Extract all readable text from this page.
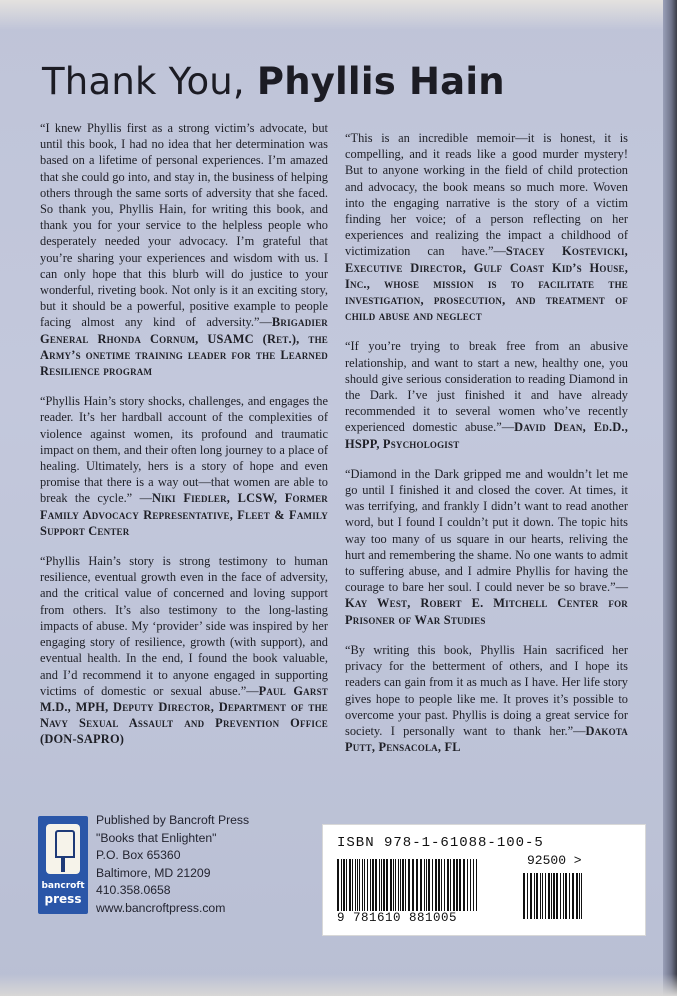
Thank You, Phyllis Hain

“I knew Phyllis first as a strong victim’s advocate, but until this book, I had no idea that her determination was based on a lifetime of personal experiences. I’m amazed that she could go into, and stay in, the business of helping others through the same sorts of adversity that she faced. So thank you, Phyllis Hain, for writing this book, and thank you for your service to the helpless people who desperately needed your advocacy. I’m grateful that you’re sharing your experiences and wisdom with us. I can only hope that this blurb will do justice to your wonderful, riveting book. Not only is it an exciting story, but it should be a powerful, positive example to people facing almost any kind of adversity.”—Brigadier General Rhonda Cornum, USAMC (Ret.), the Army’s onetime training leader for the Learned Resilience program

“Phyllis Hain’s story shocks, challenges, and engages the reader. It’s her hardball account of the complexities of violence against women, its profound and traumatic impact on them, and their often long journey to a place of healing. Ultimately, hers is a story of hope and even promise that there is a way out—that women are able to break the cycle.” —Niki Fiedler, LCSW, Former Family Advocacy Representative, Fleet & Family Support Center

“Phyllis Hain’s story is strong testimony to human resilience, eventual growth even in the face of adversity, and the critical value of concerned and loving support from others. It’s also testimony to the long-lasting impacts of abuse. My ‘provider’ side was inspired by her engaging story of resilience, growth (with support), and eventual health. In the end, I found the book valuable, and I’d recommend it to anyone engaged in supporting victims of domestic or sexual abuse.”—Paul Garst M.D., MPH, Deputy Director, Department of the Navy Sexual Assault and Prevention Office (DON-SAPRO)

“This is an incredible memoir—it is honest, it is compelling, and it reads like a good murder mystery! But to anyone working in the field of child protection and advocacy, the book means so much more. Woven into the engaging narrative is the story of a victim finding her voice; of a person reflecting on her experiences and realizing the impact a childhood of victimization can have.”—Stacey Kostevicki, Executive Director, Gulf Coast Kid’s House, Inc., whose mission is to facilitate the investigation, prosecution, and treatment of child abuse and neglect

“If you’re trying to break free from an abusive relationship, and want to start a new, healthy one, you should give serious consideration to reading Diamond in the Dark. I’ve just finished it and have already recommended it to several women who’ve recently experienced domestic abuse.”—David Dean, Ed.D., HSPP, Psychologist

“Diamond in the Dark gripped me and wouldn’t let me go until I finished it and closed the cover. At times, it was terrifying, and frankly I didn’t want to read another word, but I found I couldn’t put it down. The topic hits way too many of us square in our hearts, reliving the hurt and remembering the shame. No one wants to admit to suffering abuse, and I admire Phyllis for having the courage to bare her soul. I could never be so brave.”—Kay West, Robert E. Mitchell Center for Prisoner of War Studies

“By writing this book, Phyllis Hain sacrificed her privacy for the betterment of others, and I hope its readers can gain from it as much as I have. Her life story gives hope to people like me. It proves it’s possible to overcome your past. Phyllis is doing a great service for society. I personally want to thank her.”—Dakota Putt, Pensacola, FL

bancroft
press
Published by Bancroft Press
"Books that Enlighten"
P.O. Box 65360
Baltimore, MD 21209
410.358.0658
www.bancroftpress.com
ISBN 978-1-61088-100-5
9 781610 881005
92500 >
